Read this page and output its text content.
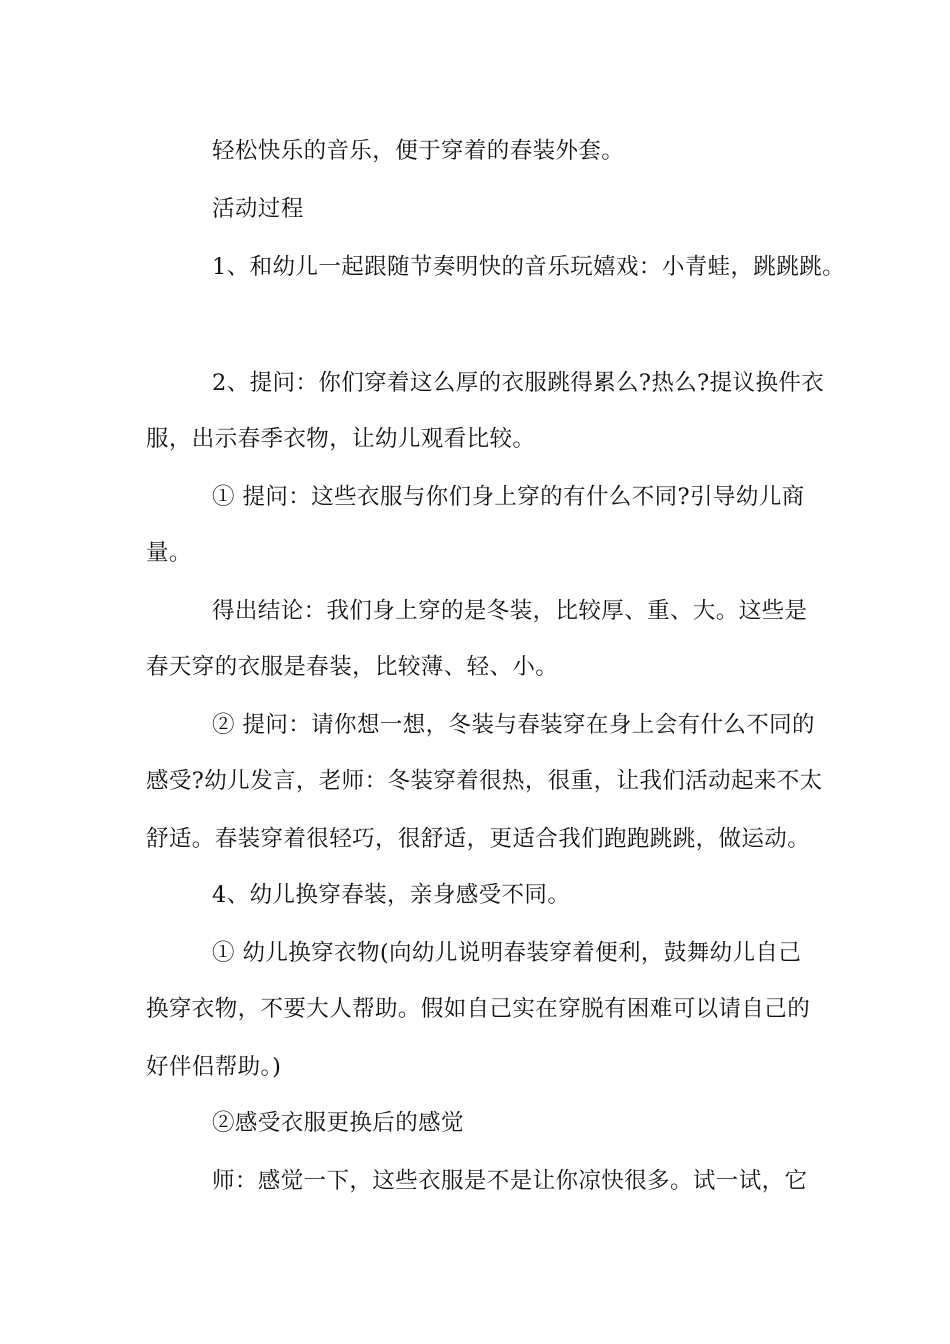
轻松快乐的音乐，便于穿着的春装外套。
活动过程
1、和幼儿一起跟随节奏明快的音乐玩嬉戏：小青蛙，跳跳跳。
2、提问：你们穿着这么厚的衣服跳得累么?热么?提议换件衣
服，出示春季衣物，让幼儿观看比较。
① 提问：这些衣服与你们身上穿的有什么不同?引导幼儿商
量。
得出结论：我们身上穿的是冬装，比较厚、重、大。这些是
春天穿的衣服是春装，比较薄、轻、小。
② 提问：请你想一想，冬装与春装穿在身上会有什么不同的
感受?幼儿发言，老师：冬装穿着很热，很重，让我们活动起来不太
舒适。春装穿着很轻巧，很舒适，更适合我们跑跑跳跳，做运动。
4、幼儿换穿春装，亲身感受不同。
① 幼儿换穿衣物(向幼儿说明春装穿着便利，鼓舞幼儿自己
换穿衣物，不要大人帮助。假如自己实在穿脱有困难可以请自己的
好伴侣帮助。)
②感受衣服更换后的感觉
师：感觉一下，这些衣服是不是让你凉快很多。试一试，它
